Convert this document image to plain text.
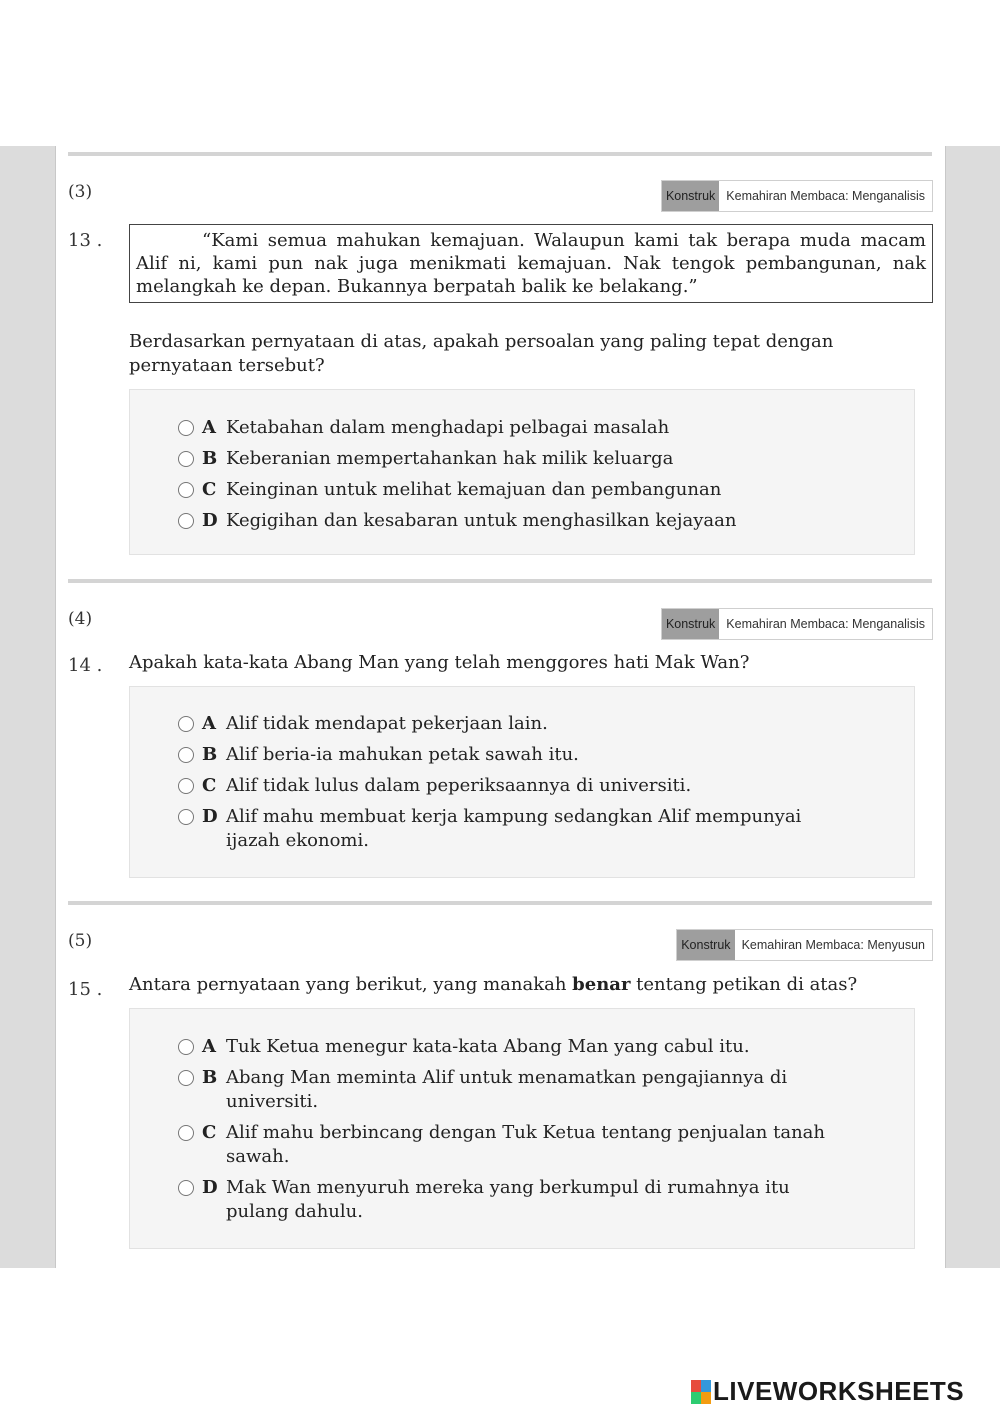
(3)	Konstruk Kemahiran Membaca: Menganalisis
13 .	“Kami semua mahukan kemajuan. Walaupun kami tak berapa muda macam Alif ni, kami pun nak juga menikmati kemajuan. Nak tengok pembangunan, nak melangkah ke depan. Bukannya berpatah balik ke belakang.”
Berdasarkan pernyataan di atas, apakah persoalan yang paling tepat dengan pernyataan tersebut?
A Ketabahan dalam menghadapi pelbagai masalah
B Keberanian mempertahankan hak milik keluarga
C Keinginan untuk melihat kemajuan dan pembangunan
D Kegigihan dan kesabaran untuk menghasilkan kejayaan
(4)	Konstruk Kemahiran Membaca: Menganalisis
14 . Apakah kata-kata Abang Man yang telah menggores hati Mak Wan?
A Alif tidak mendapat pekerjaan lain.
B Alif beria-ia mahukan petak sawah itu.
C Alif tidak lulus dalam peperiksaannya di universiti.
D Alif mahu membuat kerja kampung sedangkan Alif mempunyai ijazah ekonomi.
(5)	Konstruk Kemahiran Membaca: Menyusun
15 . Antara pernyataan yang berikut, yang manakah benar tentang petikan di atas?
A Tuk Ketua menegur kata-kata Abang Man yang cabul itu.
B Abang Man meminta Alif untuk menamatkan pengajiannya di universiti.
C Alif mahu berbincang dengan Tuk Ketua tentang penjualan tanah sawah.
D Mak Wan menyuruh mereka yang berkumpul di rumahnya itu pulang dahulu.
LIVEWORKSHEETS
